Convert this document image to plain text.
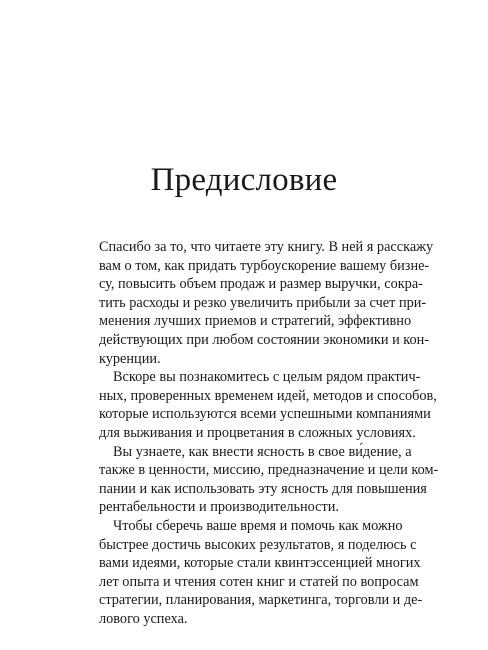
Предисловие
Спасибо за то, что читаете эту книгу. В ней я расскажу
вам о том, как придать турбоускорение вашему бизне-
су, повысить объем продаж и размер выручки, сокра-
тить расходы и резко увеличить прибыли за счет при-
менения лучших приемов и стратегий, эффективно
действующих при любом состоянии экономики и кон-
куренции.
Вскоре вы познакомитесь с целым рядом практич-
ных, проверенных временем идей, методов и способов,
которые используются всеми успешными компаниями
для выживания и процветания в сложных условиях.
Вы узнаете, как внести ясность в свое ви́дение, а
также в ценности, миссию, предназначение и цели ком-
пании и как использовать эту ясность для повышения
рентабельности и производительности.
Чтобы сберечь ваше время и помочь как можно
быстрее достичь высоких результатов, я поделюсь с
вами идеями, которые стали квинтэссенцией многих
лет опыта и чтения сотен книг и статей по вопросам
стратегии, планирования, маркетинга, торговли и де-
лового успеха.
